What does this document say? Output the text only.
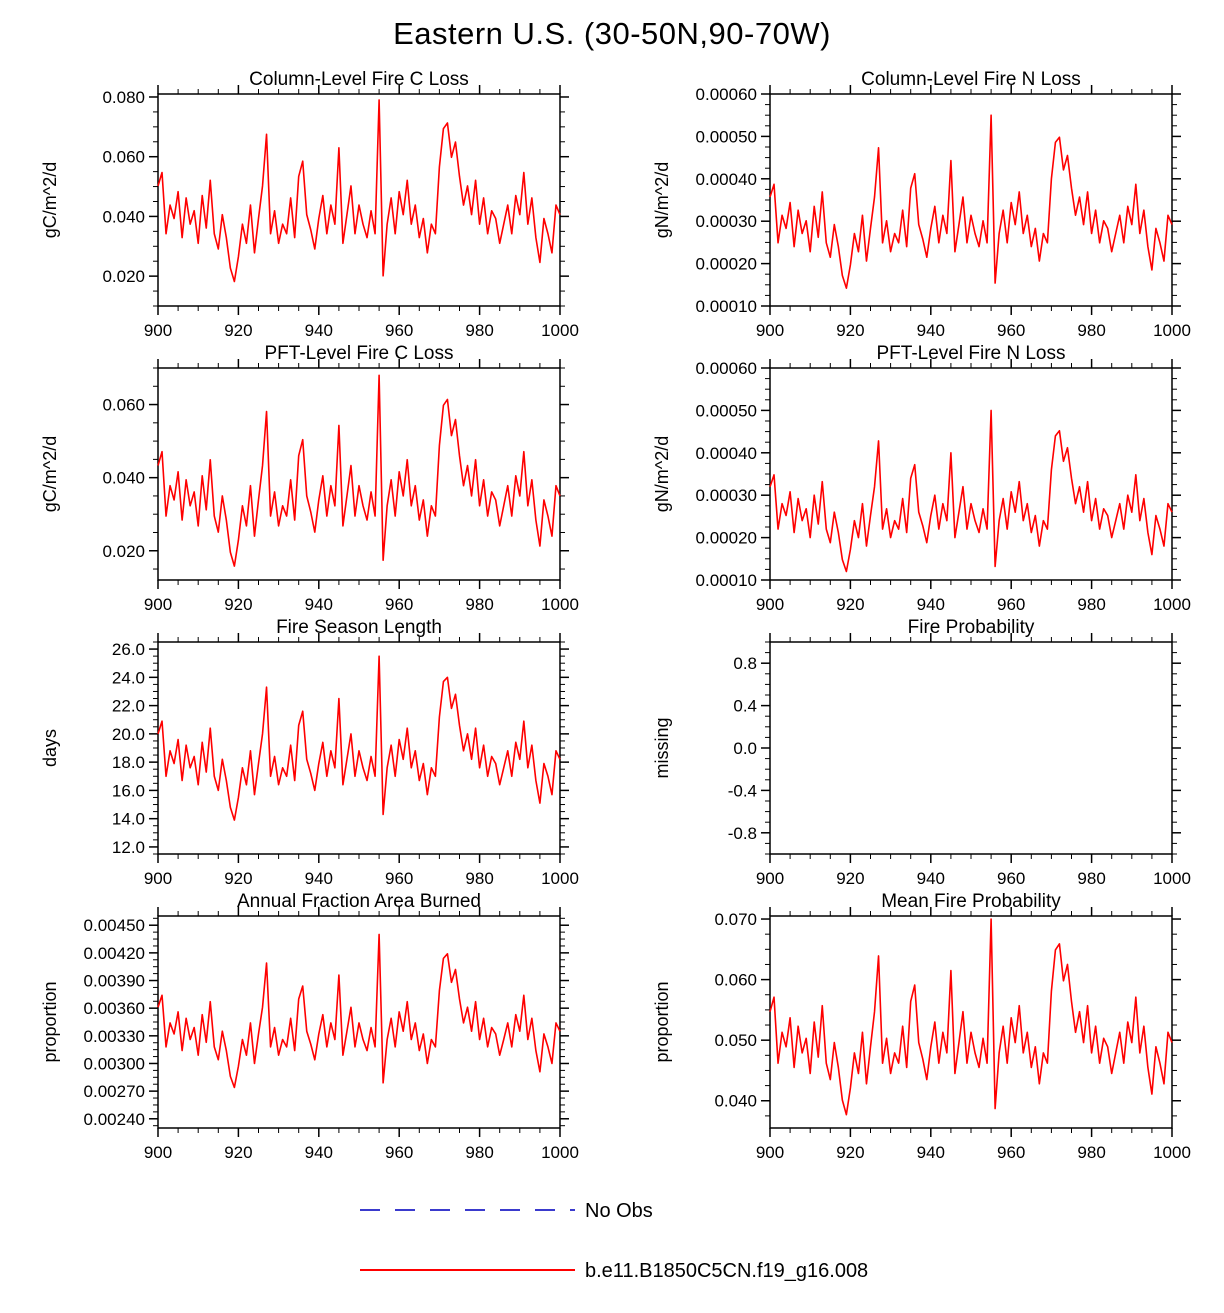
Eastern U.S. (30-50N,90-70W)
Column-Level Fire C Loss
gC/m^2/d
0.020
0.040
0.060
0.080
900	920	940	960	980	1000
Column-Level Fire N Loss
gN/m^2/d
0.00010
0.00020
0.00030
0.00040
0.00050
0.00060
900	920	940	960	980	1000
PFT-Level Fire C Loss
gC/m^2/d
0.020
0.040
0.060
900	920	940	960	980	1000
PFT-Level Fire N Loss
gN/m^2/d
0.00010
0.00020
0.00030
0.00040
0.00050
0.00060
900	920	940	960	980	1000
Fire Season Length
days
12.0
14.0
16.0
18.0
20.0
22.0
24.0
26.0
900	920	940	960	980	1000
Fire Probability
missing
-0.8
-0.4
0.0
0.4
0.8
900	920	940	960	980	1000
Annual Fraction Area Burned
proportion
0.00240
0.00270
0.00300
0.00330
0.00360
0.00390
0.00420
0.00450
900	920	940	960	980	1000
Mean Fire Probability
proportion
0.040
0.050
0.060
0.070
900	920	940	960	980	1000
No Obs
b.e11.B1850C5CN.f19_g16.008
